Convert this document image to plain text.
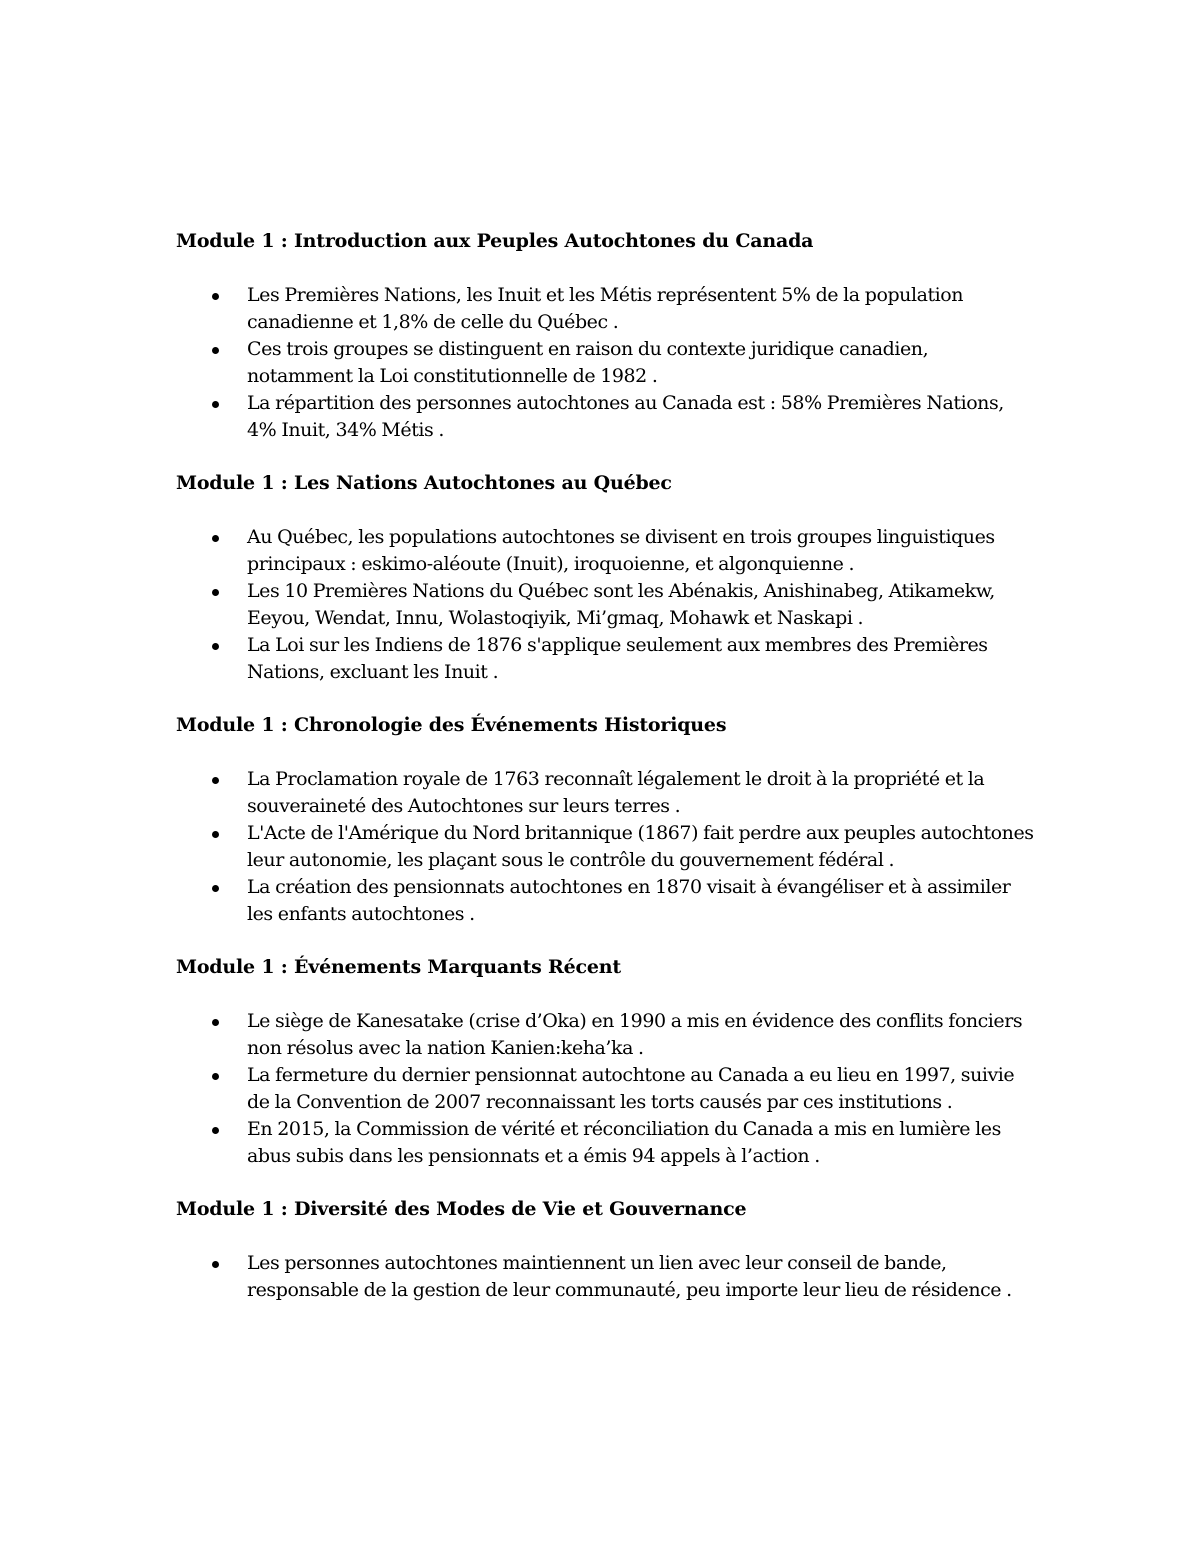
Module 1 : Introduction aux Peuples Autochtones du Canada
Les Premières Nations, les Inuit et les Métis représentent 5% de la population canadienne et 1,8% de celle du Québec .
Ces trois groupes se distinguent en raison du contexte juridique canadien, notamment la Loi constitutionnelle de 1982 .
La répartition des personnes autochtones au Canada est : 58% Premières Nations, 4% Inuit, 34% Métis .
Module 1 : Les Nations Autochtones au Québec
Au Québec, les populations autochtones se divisent en trois groupes linguistiques principaux : eskimo-aléoute (Inuit), iroquoienne, et algonquienne .
Les 10 Premières Nations du Québec sont les Abénakis, Anishinabeg, Atikamekw, Eeyou, Wendat, Innu, Wolastoqiyik, Mi’gmaq, Mohawk et Naskapi .
La Loi sur les Indiens de 1876 s'applique seulement aux membres des Premières Nations, excluant les Inuit .
Module 1 : Chronologie des Événements Historiques
La Proclamation royale de 1763 reconnaît légalement le droit à la propriété et la souveraineté des Autochtones sur leurs terres .
L'Acte de l'Amérique du Nord britannique (1867) fait perdre aux peuples autochtones leur autonomie, les plaçant sous le contrôle du gouvernement fédéral .
La création des pensionnats autochtones en 1870 visait à évangéliser et à assimiler les enfants autochtones .
Module 1 : Événements Marquants Récent
Le siège de Kanesatake (crise d’Oka) en 1990 a mis en évidence des conflits fonciers non résolus avec la nation Kanien:keha’ka .
La fermeture du dernier pensionnat autochtone au Canada a eu lieu en 1997, suivie de la Convention de 2007 reconnaissant les torts causés par ces institutions .
En 2015, la Commission de vérité et réconciliation du Canada a mis en lumière les abus subis dans les pensionnats et a émis 94 appels à l’action .
Module 1 : Diversité des Modes de Vie et Gouvernance
Les personnes autochtones maintiennent un lien avec leur conseil de bande, responsable de la gestion de leur communauté, peu importe leur lieu de résidence .
